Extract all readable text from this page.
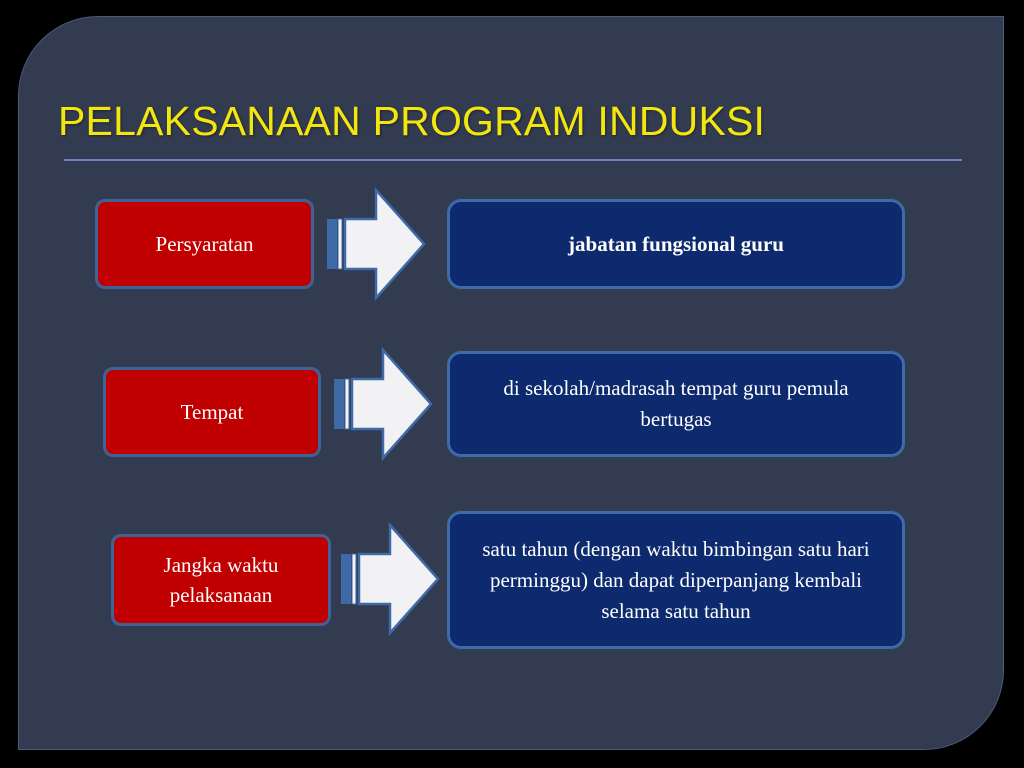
PELAKSANAAN PROGRAM INDUKSI
Persyaratan	jabatan fungsional guru
Tempat
di sekolah/madrasah tempat guru pemula bertugas
Jangka waktu pelaksanaan
satu tahun (dengan waktu bimbingan satu hari perminggu) dan dapat diperpanjang kembali selama satu tahun
